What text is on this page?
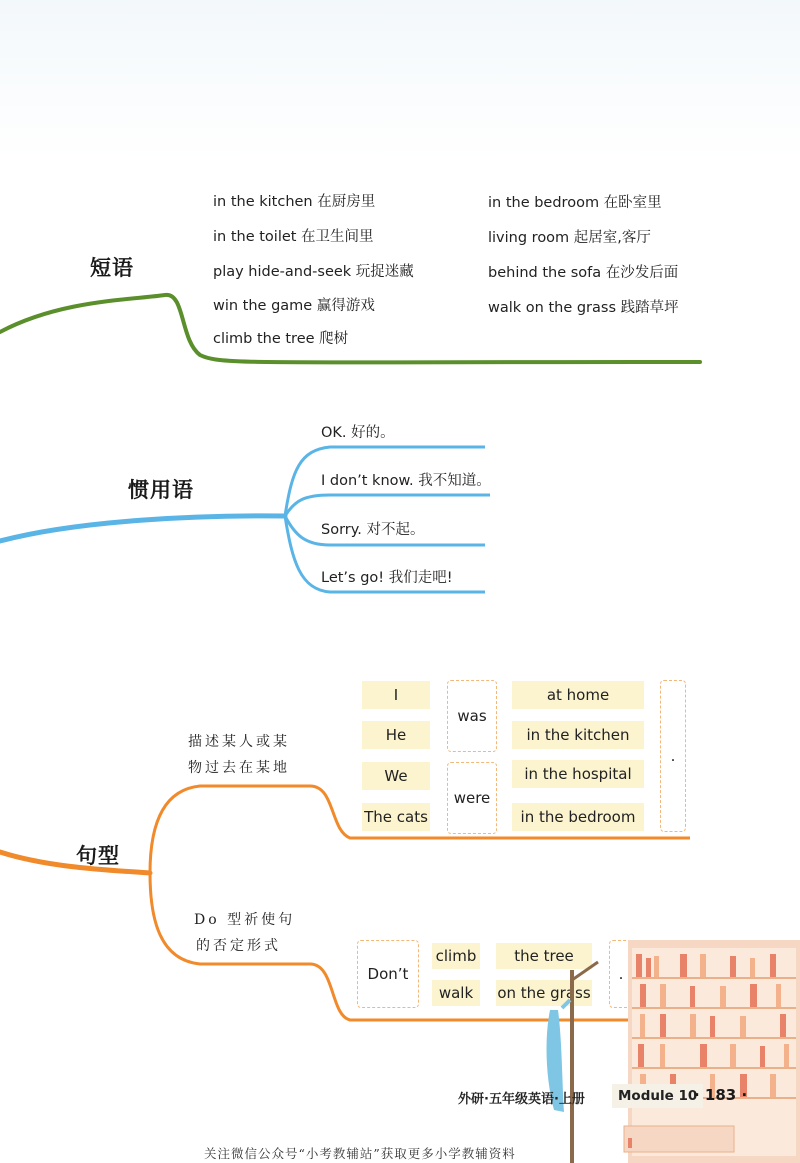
短语
in the kitchen 在厨房里
in the toilet 在卫生间里
play hide-and-seek 玩捉迷藏
win the game 赢得游戏
climb the tree 爬树
in the bedroom 在卧室里
living room 起居室,客厅
behind the sofa 在沙发后面
walk on the grass 践踏草坪
惯用语
OK. 好的。
I don’t know. 我不知道。
Sorry. 对不起。
Let’s go! 我们走吧!
句型
描述某人或某
物过去在某地
I
He
We
The cats
was
were
at home
in the kitchen
in the hospital
in the bedroom
.
Do 型祈使句
的否定形式
Don’t
climb
walk
the tree
on the grass
.
外研·五年级英语·上册	Module 10
· 183 ·
关注微信公众号“小考教辅站”获取更多小学教辅资料
